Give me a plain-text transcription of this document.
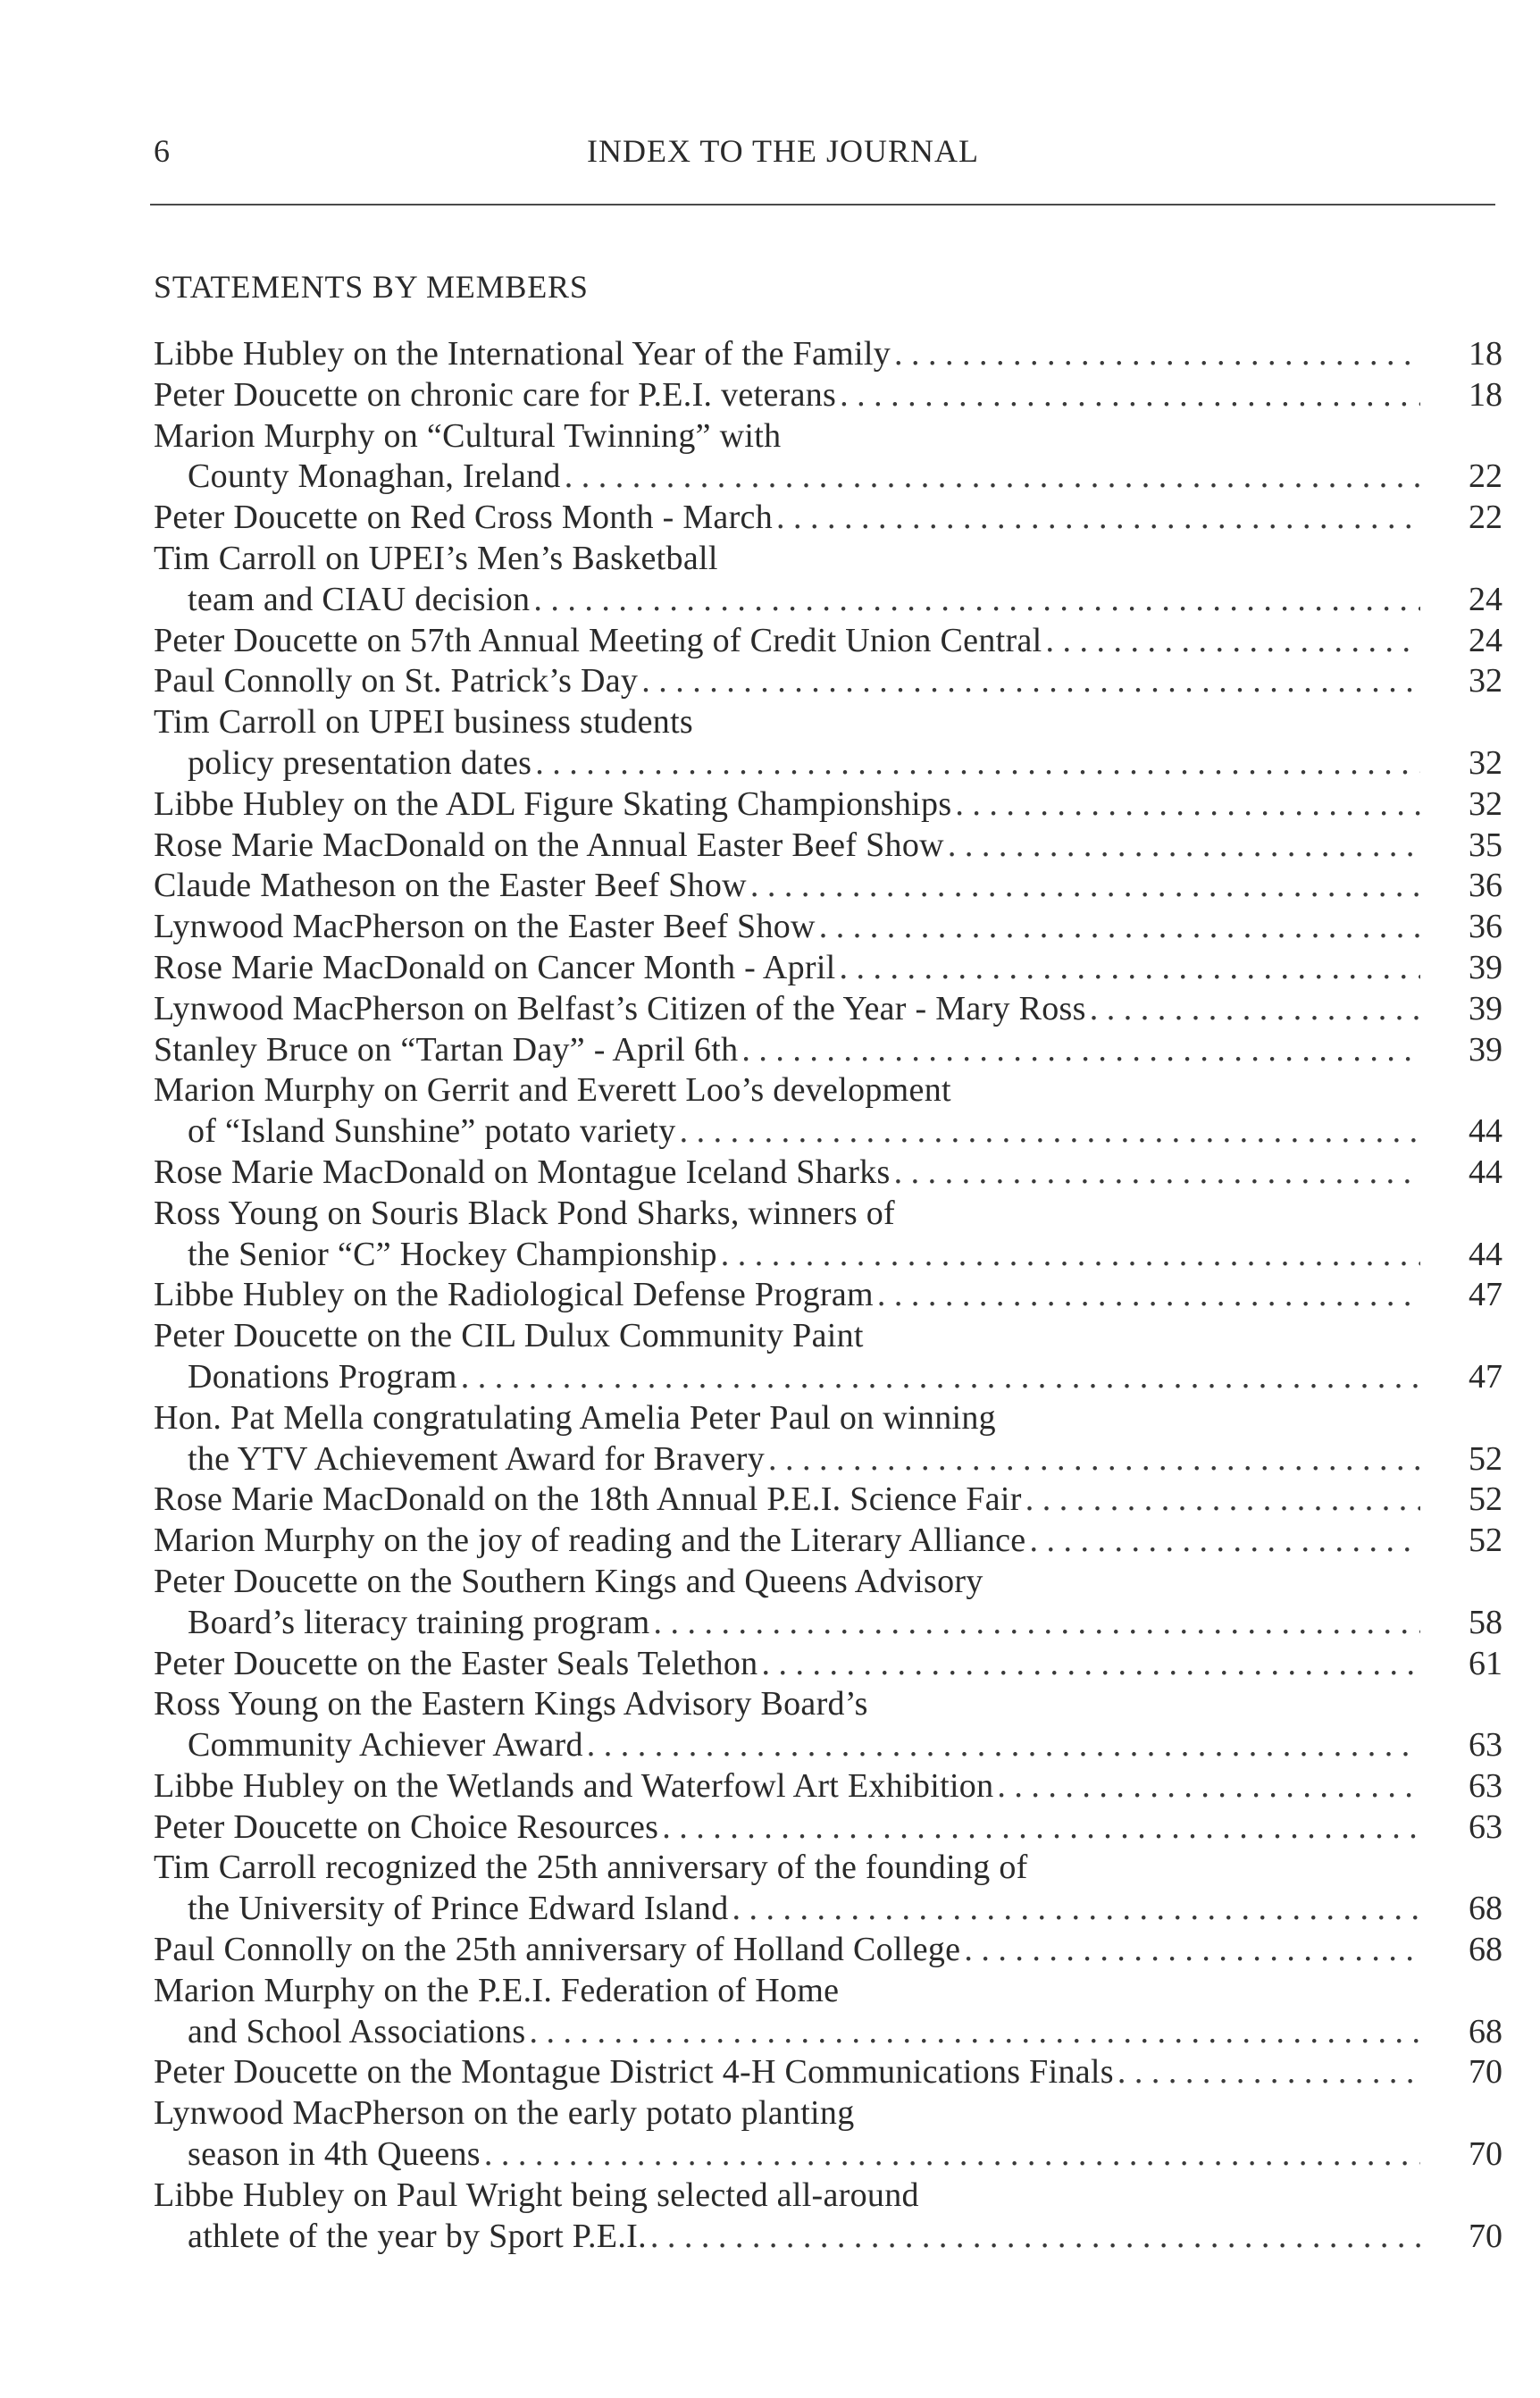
6	INDEX TO THE JOURNAL
STATEMENTS BY MEMBERS
Libbe Hubley on the International Year of the Family . . .	18
Peter Doucette on chronic care for P.E.I. veterans . . .	18
Marion Murphy on “Cultural Twinning” with
County Monaghan, Ireland . . .	22
Peter Doucette on Red Cross Month - March . . .	22
Tim Carroll on UPEI’s Men’s Basketball
team and CIAU decision . . .	24
Peter Doucette on 57th Annual Meeting of Credit Union Central . . .	24
Paul Connolly on St. Patrick’s Day . . .	32
Tim Carroll on UPEI business students
policy presentation dates . . .	32
Libbe Hubley on the ADL Figure Skating Championships . . .	32
Rose Marie MacDonald on the Annual Easter Beef Show . . .	35
Claude Matheson on the Easter Beef Show . . .	36
Lynwood MacPherson on the Easter Beef Show . . .	36
Rose Marie MacDonald on Cancer Month - April . . .	39
Lynwood MacPherson on Belfast’s Citizen of the Year - Mary Ross . . .	39
Stanley Bruce on “Tartan Day” - April 6th . . .	39
Marion Murphy on Gerrit and Everett Loo’s development
of “Island Sunshine” potato variety . . .	44
Rose Marie MacDonald on Montague Iceland Sharks . . .	44
Ross Young on Souris Black Pond Sharks, winners of
the Senior “C” Hockey Championship . . .	44
Libbe Hubley on the Radiological Defense Program . . .	47
Peter Doucette on the CIL Dulux Community Paint
Donations Program . . .	47
Hon. Pat Mella congratulating Amelia Peter Paul on winning
the YTV Achievement Award for Bravery . . .	52
Rose Marie MacDonald on the 18th Annual P.E.I. Science Fair . . .	52
Marion Murphy on the joy of reading and the Literary Alliance . . .	52
Peter Doucette on the Southern Kings and Queens Advisory
Board’s literacy training program . . .	58
Peter Doucette on the Easter Seals Telethon . . .	61
Ross Young on the Eastern Kings Advisory Board’s
Community Achiever Award . . .	63
Libbe Hubley on the Wetlands and Waterfowl Art Exhibition . . .	63
Peter Doucette on Choice Resources . . .	63
Tim Carroll recognized the 25th anniversary of the founding of
the University of Prince Edward Island . . .	68
Paul Connolly on the 25th anniversary of Holland College . . .	68
Marion Murphy on the P.E.I. Federation of Home
and School Associations . . .	68
Peter Doucette on the Montague District 4-H Communications Finals . . .	70
Lynwood MacPherson on the early potato planting
season in 4th Queens . . .	70
Libbe Hubley on Paul Wright being selected all-around
athlete of the year by Sport P.E.I. . . .	70
